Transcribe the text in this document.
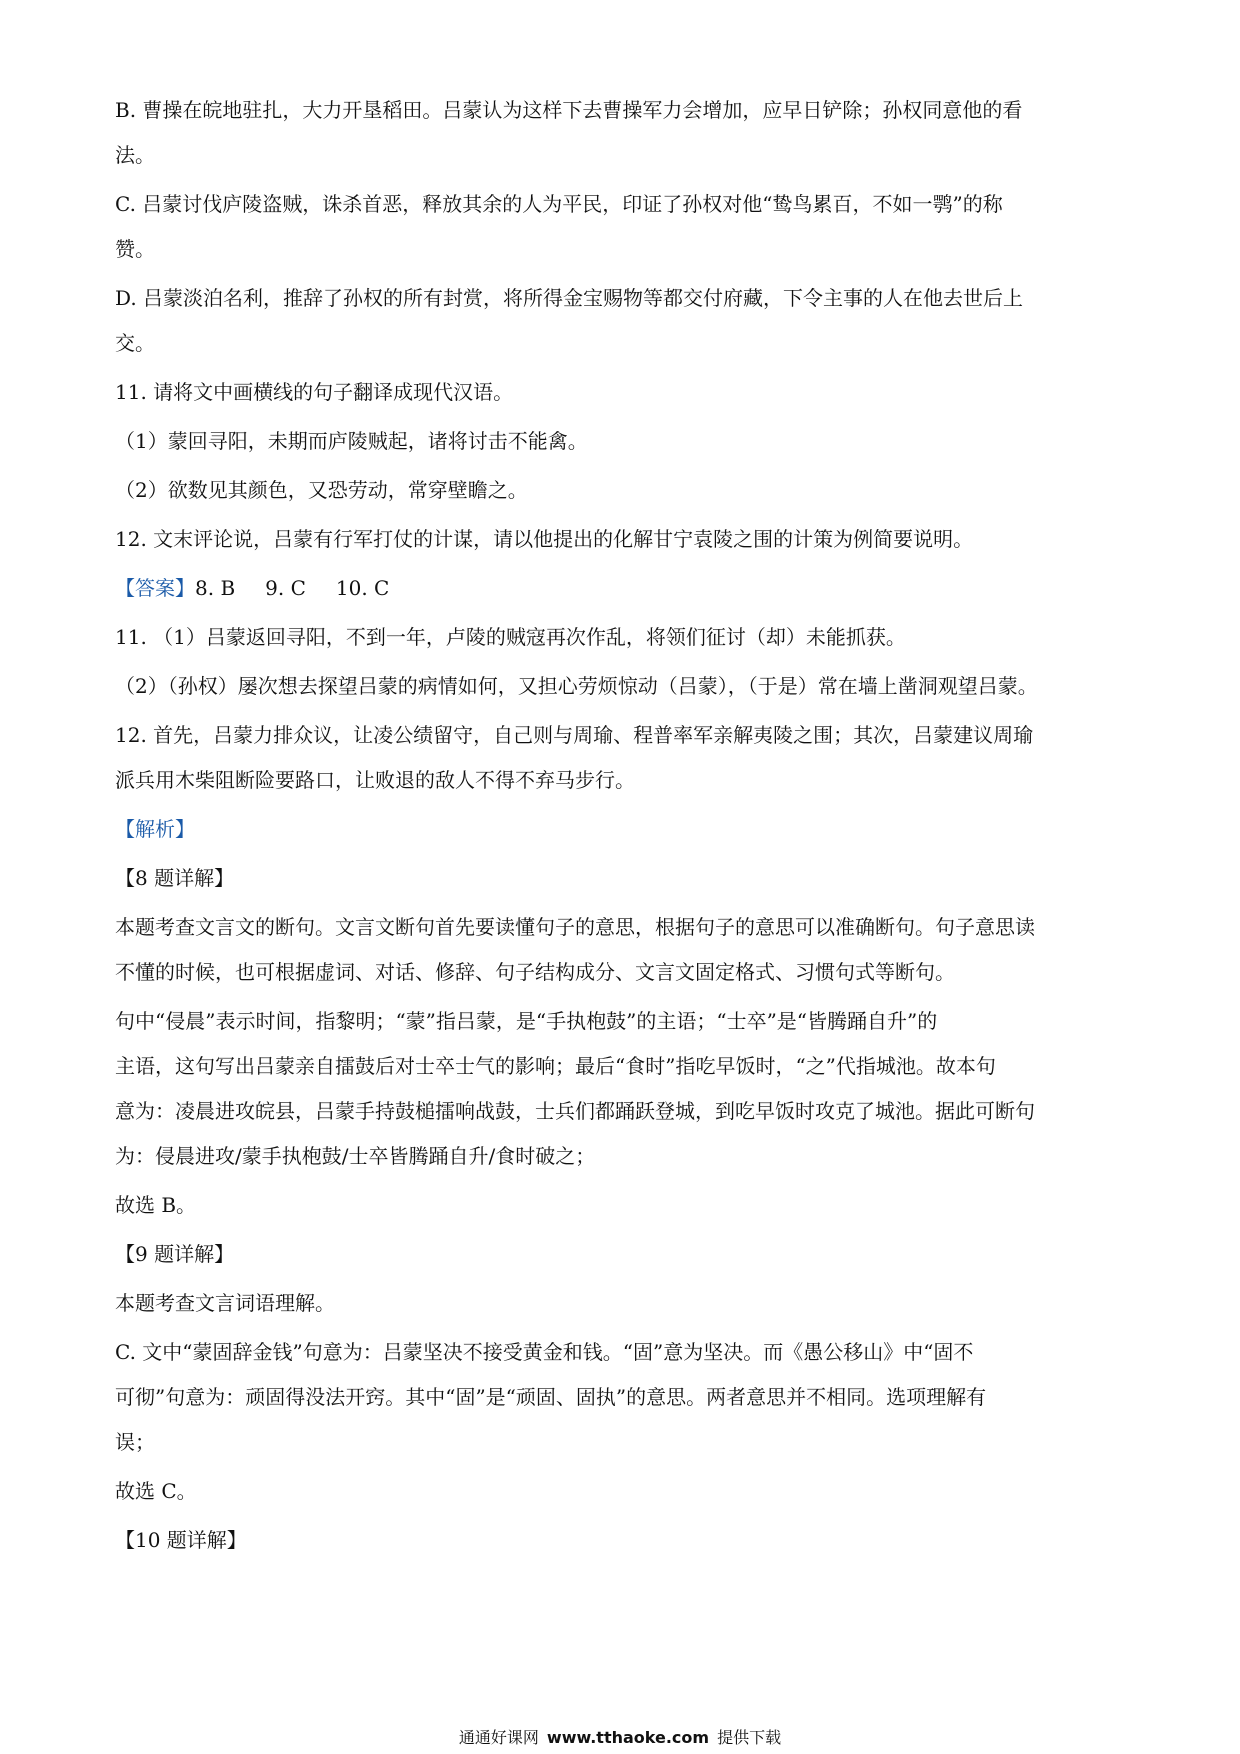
B. 曹操在皖地驻扎，大力开垦稻田。吕蒙认为这样下去曹操军力会增加，应早日铲除；孙权同意他的看
法。
C. 吕蒙讨伐庐陵盗贼，诛杀首恶，释放其余的人为平民，印证了孙权对他“鸷鸟累百，不如一鹗”的称
赞。
D. 吕蒙淡泊名利，推辞了孙权的所有封赏，将所得金宝赐物等都交付府藏，下令主事的人在他去世后上
交。
11. 请将文中画横线的句子翻译成现代汉语。
（1）蒙回寻阳，未期而庐陵贼起，诸将讨击不能禽。
（2）欲数见其颜色，又恐劳动，常穿壁瞻之。
12. 文末评论说，吕蒙有行军打仗的计谋，请以他提出的化解甘宁袁陵之围的计策为例简要说明。
【答案】8. B 9. C 10. C
11. （1）吕蒙返回寻阳，不到一年，卢陵的贼寇再次作乱，将领们征讨（却）未能抓获。
（2）（孙权）屡次想去探望吕蒙的病情如何，又担心劳烦惊动（吕蒙），（于是）常在墙上凿洞观望吕蒙。
12. 首先，吕蒙力排众议，让凌公绩留守，自己则与周瑜、程普率军亲解夷陵之围；其次，吕蒙建议周瑜
派兵用木柴阻断险要路口，让败退的敌人不得不弃马步行。
【解析】
【8 题详解】
本题考查文言文的断句。文言文断句首先要读懂句子的意思，根据句子的意思可以准确断句。句子意思读
不懂的时候，也可根据虚词、对话、修辞、句子结构成分、文言文固定格式、习惯句式等断句。
句中“侵晨”表示时间，指黎明；“蒙”指吕蒙，是“手执枹鼓”的主语；“士卒”是“皆腾踊自升”的
主语，这句写出吕蒙亲自擂鼓后对士卒士气的影响；最后“食时”指吃早饭时，“之”代指城池。故本句
意为：凌晨进攻皖县，吕蒙手持鼓槌擂响战鼓，士兵们都踊跃登城，到吃早饭时攻克了城池。据此可断句
为：侵晨进攻/蒙手执枹鼓/士卒皆腾踊自升/食时破之；
故选 B。
【9 题详解】
本题考查文言词语理解。
C. 文中“蒙固辞金钱”句意为：吕蒙坚决不接受黄金和钱。“固”意为坚决。而《愚公移山》中“固不
可彻”句意为：顽固得没法开窍。其中“固”是“顽固、固执”的意思。两者意思并不相同。选项理解有
误；
故选 C。
【10 题详解】
通通好课网 www.tthaoke.com 提供下载
